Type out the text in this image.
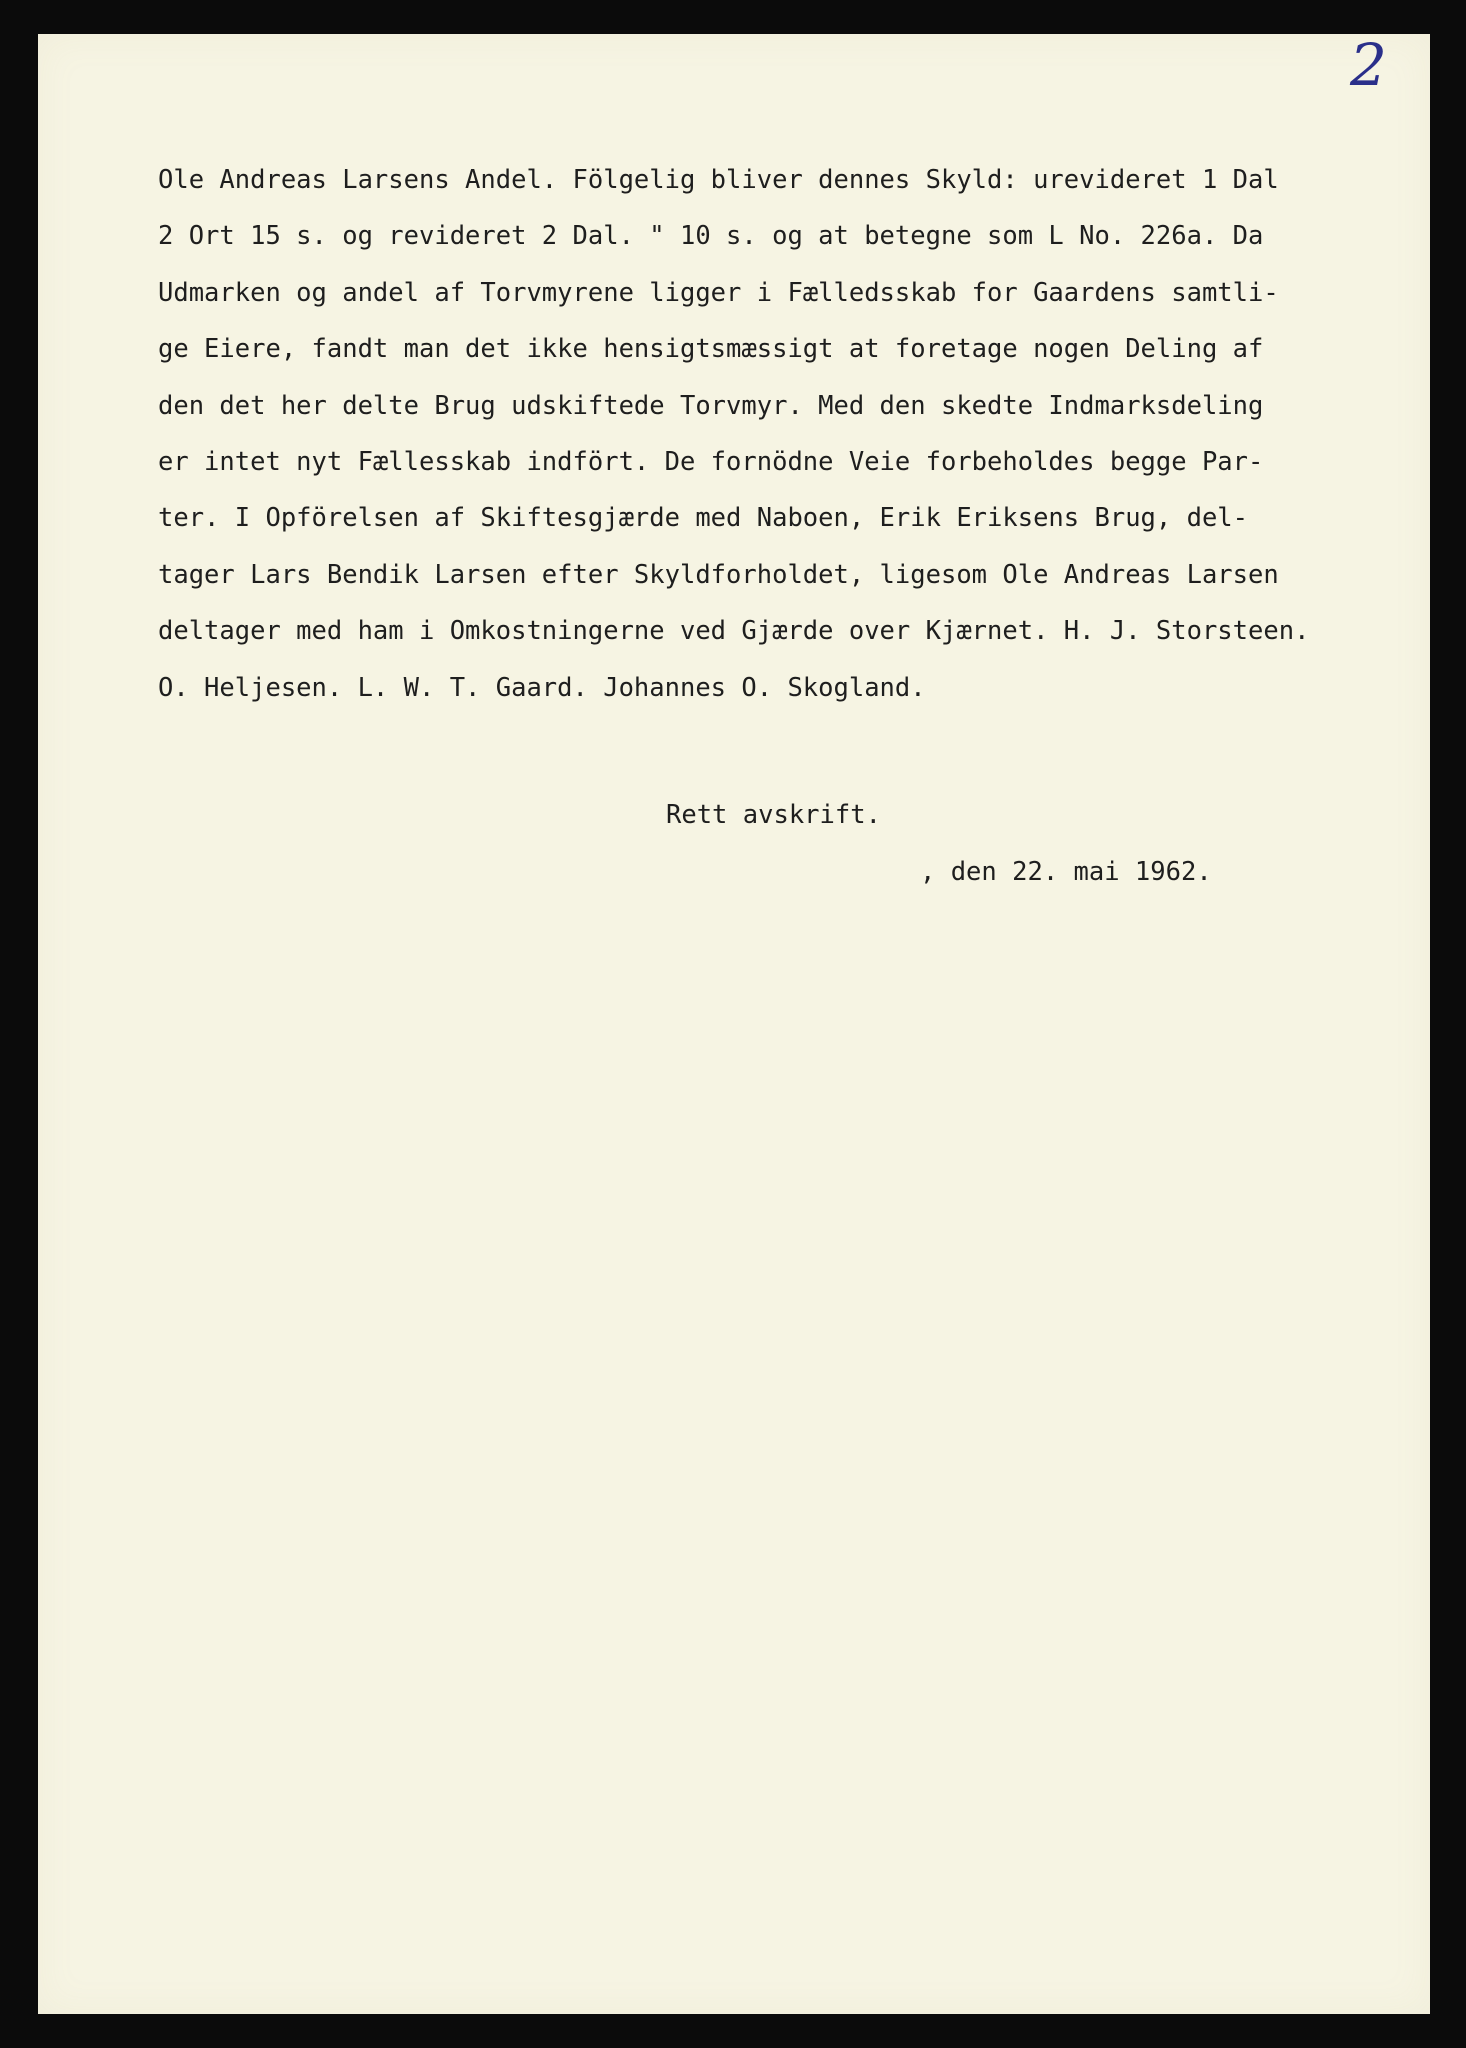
2
Ole Andreas Larsens Andel. Fölgelig bliver dennes Skyld: urevideret 1 Dal
2 Ort 15 s. og revideret 2 Dal. " 10 s. og at betegne som L No. 226a. Da
Udmarken og andel af Torvmyrene ligger i Fælledsskab for Gaardens samtli-
ge Eiere, fandt man det ikke hensigtsmæssigt at foretage nogen Deling af
den det her delte Brug udskiftede Torvmyr. Med den skedte Indmarksdeling
er intet nyt Fællesskab indfört. De fornödne Veie forbeholdes begge Par-
ter. I Opförelsen af Skiftesgjærde med Naboen, Erik Eriksens Brug, del-
tager Lars Bendik Larsen efter Skyldforholdet, ligesom Ole Andreas Larsen
deltager med ham i Omkostningerne ved Gjærde over Kjærnet. H. J. Storsteen.
O. Heljesen. L. W. T. Gaard. Johannes O. Skogland.
Rett avskrift.
, den 22. mai 1962.
